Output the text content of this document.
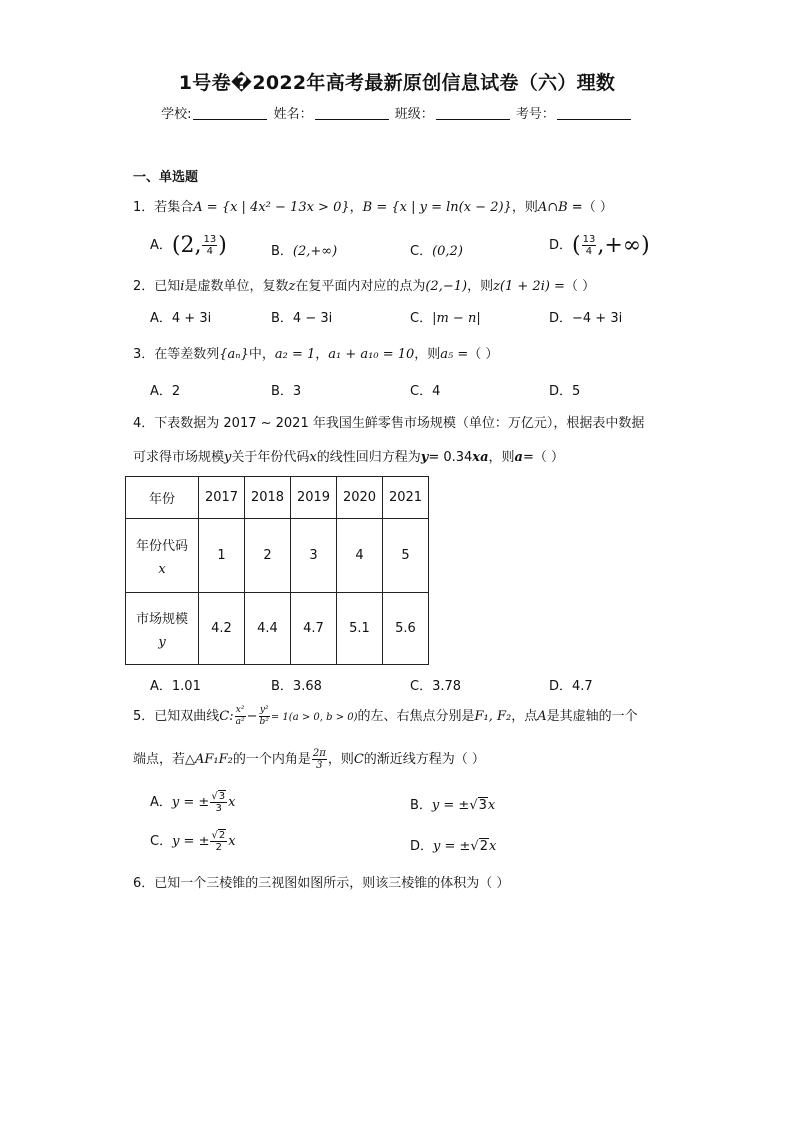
1号卷�2022年高考最新原创信息试卷（六）理数
学校:	姓名：	班级：	考号：
一、单选题
1．若集合A = {x | 4x² − 13x > 0}，B = {x | y = ln(x − 2)}，则A∩B =（ ）
A．(2, $\frac{13}{4}$ )	B．(2,+∞)	C．(0,2)	D．( $\frac{13}{4}$ ,+∞)
2．已知i是虚数单位，复数z在复平面内对应的点为(2,−1)，则z(1 + 2i) =（ ）
A．4 + 3i	B．4 − 3i	C．|m − n|	D．−4 + 3i
3．在等差数列{aₙ}中，a₂ = 1，a₁ + a₁₀ = 10，则a₅ =（ ）
A．2	B．3	C．4	D．5
4．下表数据为 2017 ~ 2021 年我国生鲜零售市场规模（单位：万亿元），根据表中数据
可求得市场规模y关于年份代码x的线性回归方程为y= 0.34xa，则a=（ ）
年份	2017	2018	2019	2020	2021

年份代码
x	1	2	3	4	5

市场规模
y	4.2	4.4	4.7	5.1	5.6
A．1.01	B．3.68	C．3.78	D．4.7
5．已知双曲线C: $\frac{\text{x²}}{\text{a²}} - \frac{\text{y²}}{\text{b²}} = 1(a > 0$, b > 0)的左、右焦点分别是F₁, F₂，点A是其虚轴的一个
端点，若△AF₁F₂的一个内角是 $\frac{2\pi}{3}$ ，则C的渐近线方程为（ ）
A．y = ± $\frac{√3}{3}$ x	B．y = ±√3x
C．y = ± $\frac{√2}{2}$ x	D．y = ±√2x
6．已知一个三棱锥的三视图如图所示，则该三棱锥的体积为（ ）
